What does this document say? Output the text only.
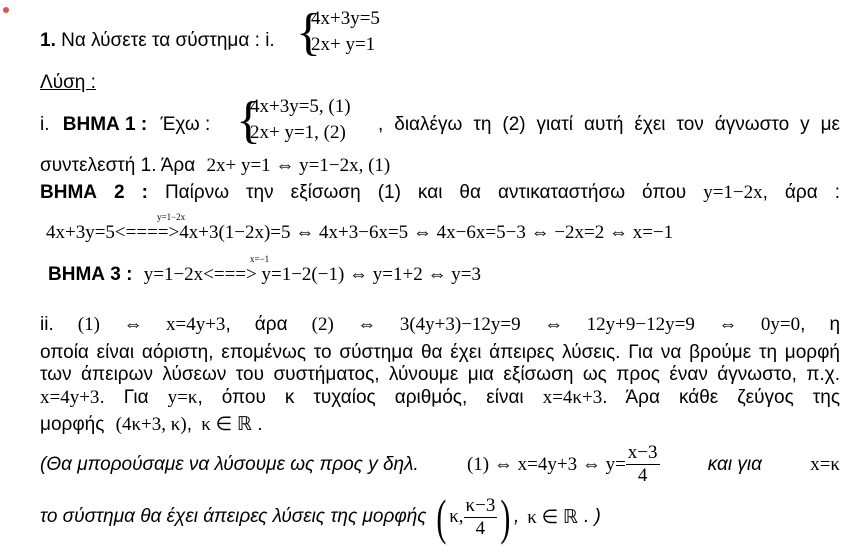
1. Να λύσετε τα σύστημα : i. {
4x+3y=5
2x+ y=1
Λύση :
i. ΒΗΜΑ 1 : Έχω : {
4x+3y=5, (1)
2x+ y=1, (2) , διαλέγω τη (2) γιατί αυτή έχει τον άγνωστο y με
συντελεστή 1. Άρα 2x+ y=1 ⇔ y=1−2x, (1)
ΒΗΜΑ 2 : Παίρνω την εξίσωση (1) και θα αντικαταστήσω όπου y=1−2x, άρα :
y=1−2x
4x+3y=5<====>4x+3(1−2x)=5 ⇔ 4x+3−6x=5 ⇔ 4x−6x=5−3 ⇔ −2x=2 ⇔ x=−1
x=−1
ΒΗΜΑ 3 : y=1−2x<===> y=1−2(−1) ⇔ y=1+2 ⇔ y=3
ii. (1) ⇔ x=4y+3, άρα (2) ⇔ 3(4y+3)−12y=9 ⇔ 12y+9−12y=9 ⇔ 0y=0, η
οποία είναι αόριστη, επομένως το σύστημα θα έχει άπειρες λύσεις. Για να βρούμε τη μορφή
των άπειρων λύσεων του συστήματος, λύνουμε μια εξίσωση ως προς έναν άγνωστο, π.χ.
x=4y+3. Για y=κ, όπου κ τυχαίος αριθμός, είναι x=4κ+3. Άρα κάθε ζεύγος της
μορφής (4κ+3, κ), κ ∈ ℝ .
(Θα μπορούσαμε να λύσουμε ως προς y δηλ.	(1) ⇔ x=4y+3 ⇔ $y= \frac{x-3}{4}$	και για	x=κ
το σύστημα θα έχει άπειρες λύσεις της μορφής ( κ, $\frac{\kappa-3}{4}$ ) , κ ∈ ℝ . )
